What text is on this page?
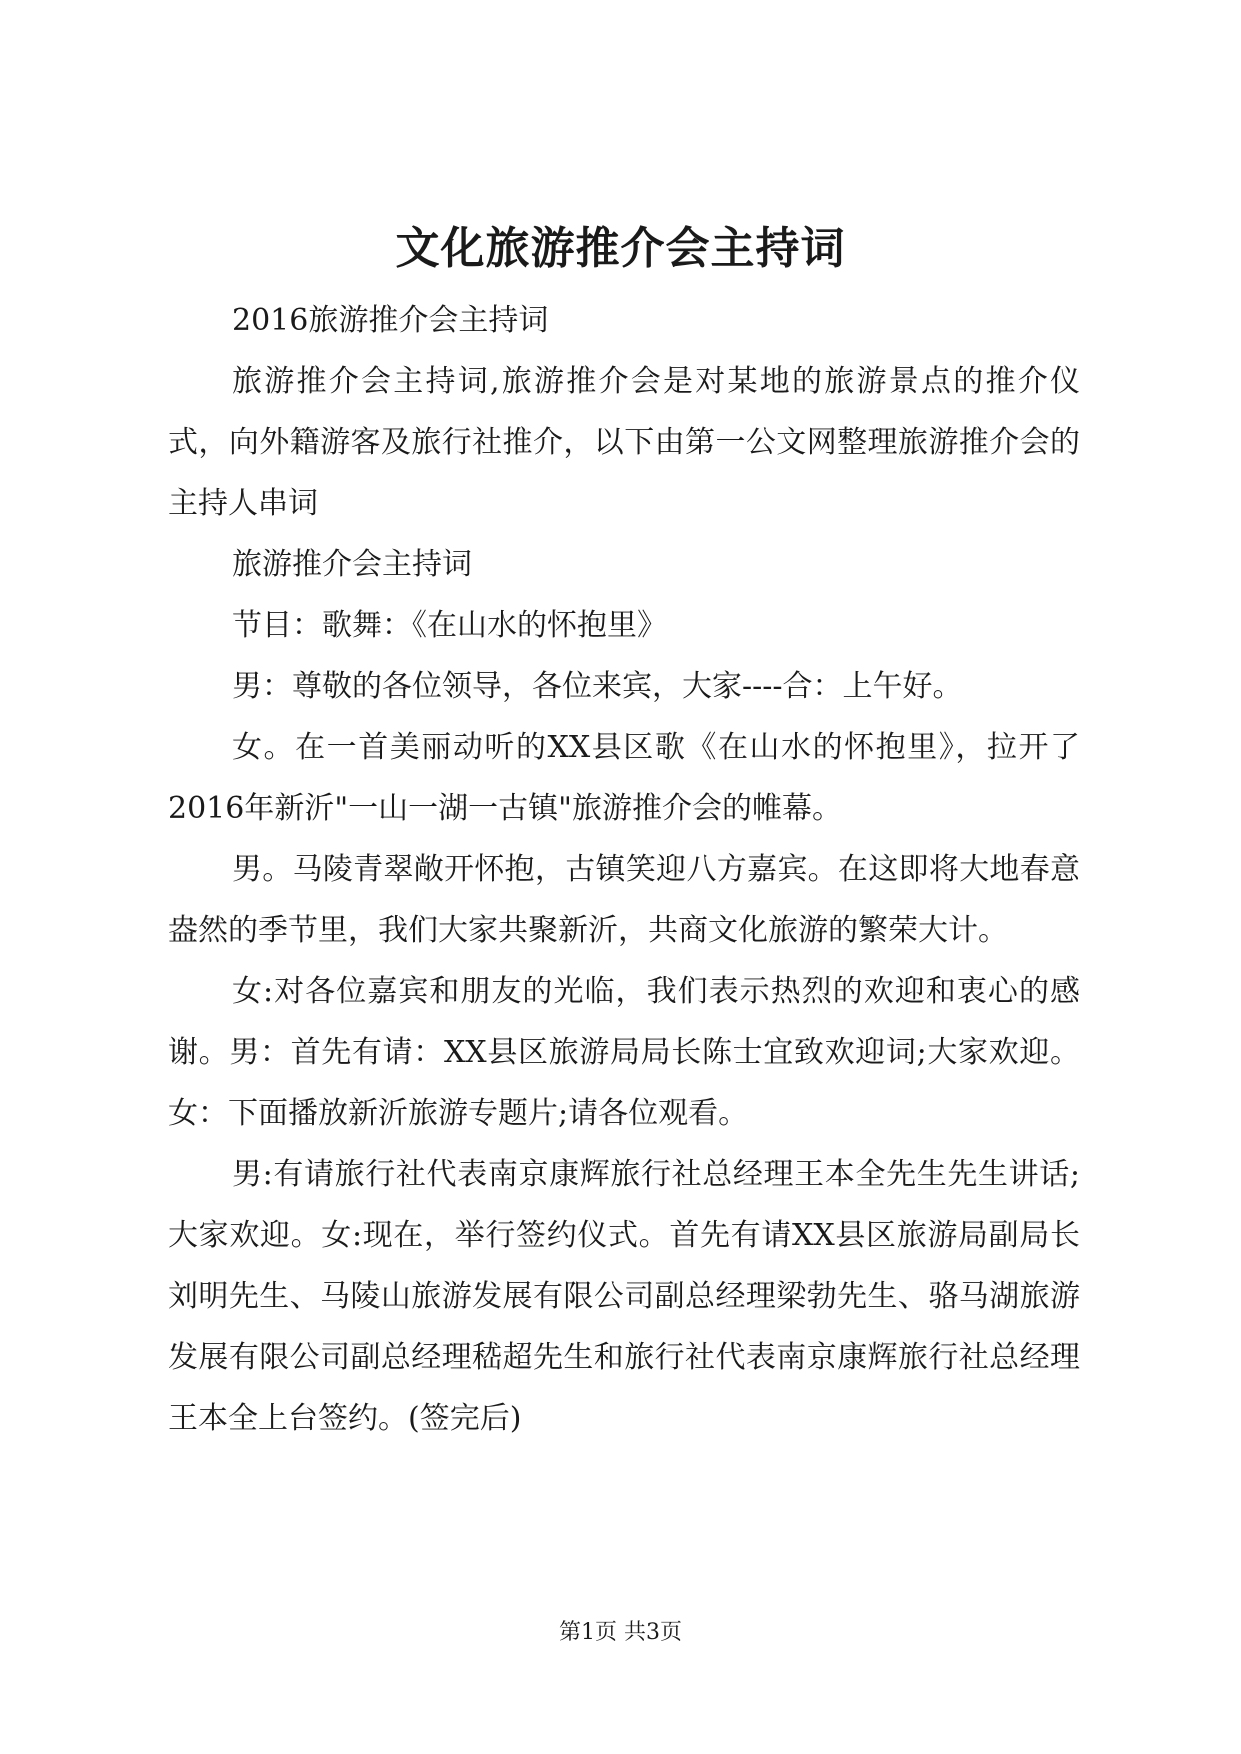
文化旅游推介会主持词

2016旅游推介会主持词

旅游推介会主持词,旅游推介会是对某地的旅游景点的推介仪式，向外籍游客及旅行社推介，以下由第一公文网整理旅游推介会的主持人串词

旅游推介会主持词

节目：歌舞：《在山水的怀抱里》

男：尊敬的各位领导，各位来宾，大家----合：上午好。

女。在一首美丽动听的XX县区歌《在山水的怀抱里》，拉开了2016年新沂"一山一湖一古镇"旅游推介会的帷幕。

男。马陵青翠敞开怀抱，古镇笑迎八方嘉宾。在这即将大地春意盎然的季节里，我们大家共聚新沂，共商文化旅游的繁荣大计。

女:对各位嘉宾和朋友的光临，我们表示热烈的欢迎和衷心的感谢。男：首先有请：XX县区旅游局局长陈士宜致欢迎词;大家欢迎。女：下面播放新沂旅游专题片;请各位观看。

男:有请旅行社代表南京康辉旅行社总经理王本全先生先生讲话;大家欢迎。女:现在，举行签约仪式。首先有请XX县区旅游局副局长刘明先生、马陵山旅游发展有限公司副总经理梁勃先生、骆马湖旅游发展有限公司副总经理嵇超先生和旅行社代表南京康辉旅行社总经理王本全上台签约。(签完后)

第1页 共3页
